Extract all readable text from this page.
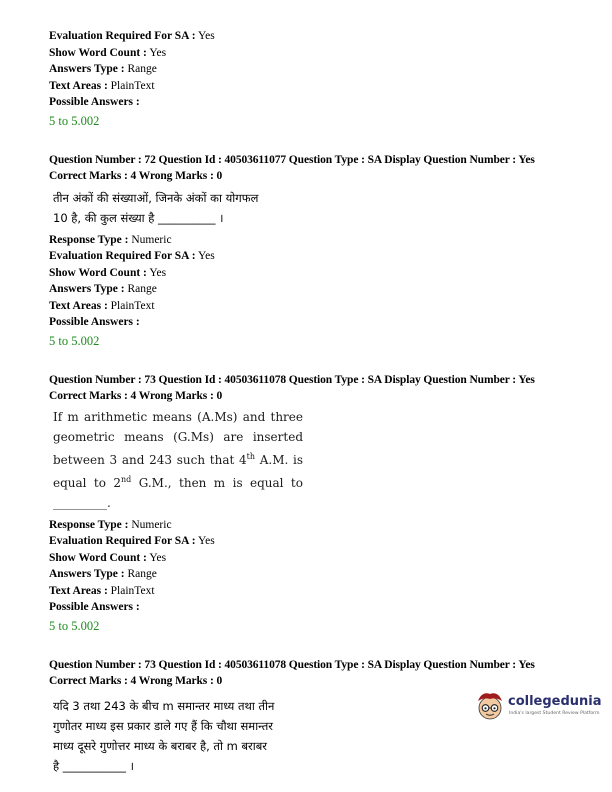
Evaluation Required For SA : Yes
Show Word Count : Yes
Answers Type : Range
Text Areas : PlainText
Possible Answers :
5 to 5.002
Question Number : 72 Question Id : 40503611077 Question Type : SA Display Question Number : Yes
Correct Marks : 4 Wrong Marks : 0
तीन अंकों की संख्याओं, जिनके अंकों का योगफल
10 है, की कुल संख्या है __________ ।
Response Type : Numeric
Evaluation Required For SA : Yes
Show Word Count : Yes
Answers Type : Range
Text Areas : PlainText
Possible Answers :
5 to 5.002
Question Number : 73 Question Id : 40503611078 Question Type : SA Display Question Number : Yes
Correct Marks : 4 Wrong Marks : 0
If m arithmetic means (A.Ms) and three
geometric means (G.Ms) are inserted
between 3 and 243 such that 4th A.M. is
equal to 2nd G.M., then m is equal to
_________.
Response Type : Numeric
Evaluation Required For SA : Yes
Show Word Count : Yes
Answers Type : Range
Text Areas : PlainText
Possible Answers :
5 to 5.002
Question Number : 73 Question Id : 40503611078 Question Type : SA Display Question Number : Yes
Correct Marks : 4 Wrong Marks : 0
यदि 3 तथा 243 के बीच m समान्तर माध्य तथा तीन
गुणोतर माध्य इस प्रकार डाले गए हैं कि चौथा समान्तर
माध्य दूसरे गुणोत्तर माध्य के बराबर है, तो m बराबर
है ___________ ।
collegedunia
India's largest Student Review Platform
